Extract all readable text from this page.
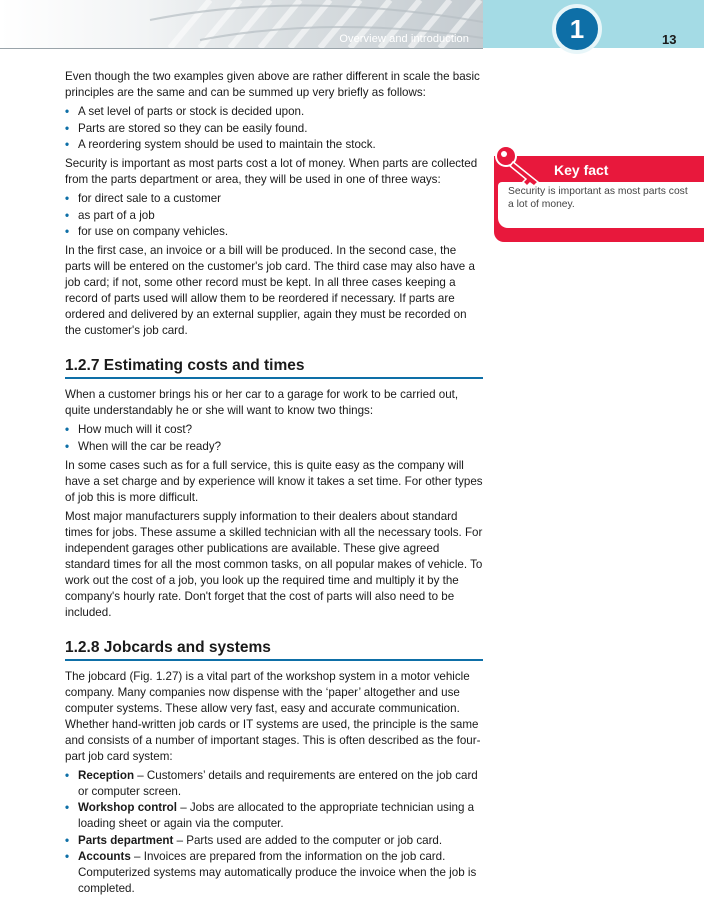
Overview and introduction	1	13
Key fact
Security is important as most parts cost a lot of money.

Even though the two examples given above are rather different in scale the basic principles are the same and can be summed up very briefly as follows:

• A set level of parts or stock is decided upon.
• Parts are stored so they can be easily found.
• A reordering system should be used to maintain the stock.

Security is important as most parts cost a lot of money. When parts are collected from the parts department or area, they will be used in one of three ways:

• for direct sale to a customer
• as part of a job
• for use on company vehicles.

In the first case, an invoice or a bill will be produced. In the second case, the parts will be entered on the customer's job card. The third case may also have a job card; if not, some other record must be kept. In all three cases keeping a record of parts used will allow them to be reordered if necessary. If parts are ordered and delivered by an external supplier, again they must be recorded on the customer's job card.

1.2.7 Estimating costs and times

When a customer brings his or her car to a garage for work to be carried out, quite understandably he or she will want to know two things:

• How much will it cost?
• When will the car be ready?

In some cases such as for a full service, this is quite easy as the company will have a set charge and by experience will know it takes a set time. For other types of job this is more difficult.

Most major manufacturers supply information to their dealers about standard times for jobs. These assume a skilled technician with all the necessary tools. For independent garages other publications are available. These give agreed standard times for all the most common tasks, on all popular makes of vehicle. To work out the cost of a job, you look up the required time and multiply it by the company's hourly rate. Don't forget that the cost of parts will also need to be included.

1.2.8 Jobcards and systems

The jobcard (Fig. 1.27) is a vital part of the workshop system in a motor vehicle company. Many companies now dispense with the ‘paper’ altogether and use computer systems. These allow very fast, easy and accurate communication. Whether hand-written job cards or IT systems are used, the principle is the same and consists of a number of important stages. This is often described as the four-part job card system:

• Reception – Customers’ details and requirements are entered on the job card or computer screen.
• Workshop control – Jobs are allocated to the appropriate technician using a loading sheet or again via the computer.
• Parts department – Parts used are added to the computer or job card.
• Accounts – Invoices are prepared from the information on the job card. Computerized systems may automatically produce the invoice when the job is completed.
